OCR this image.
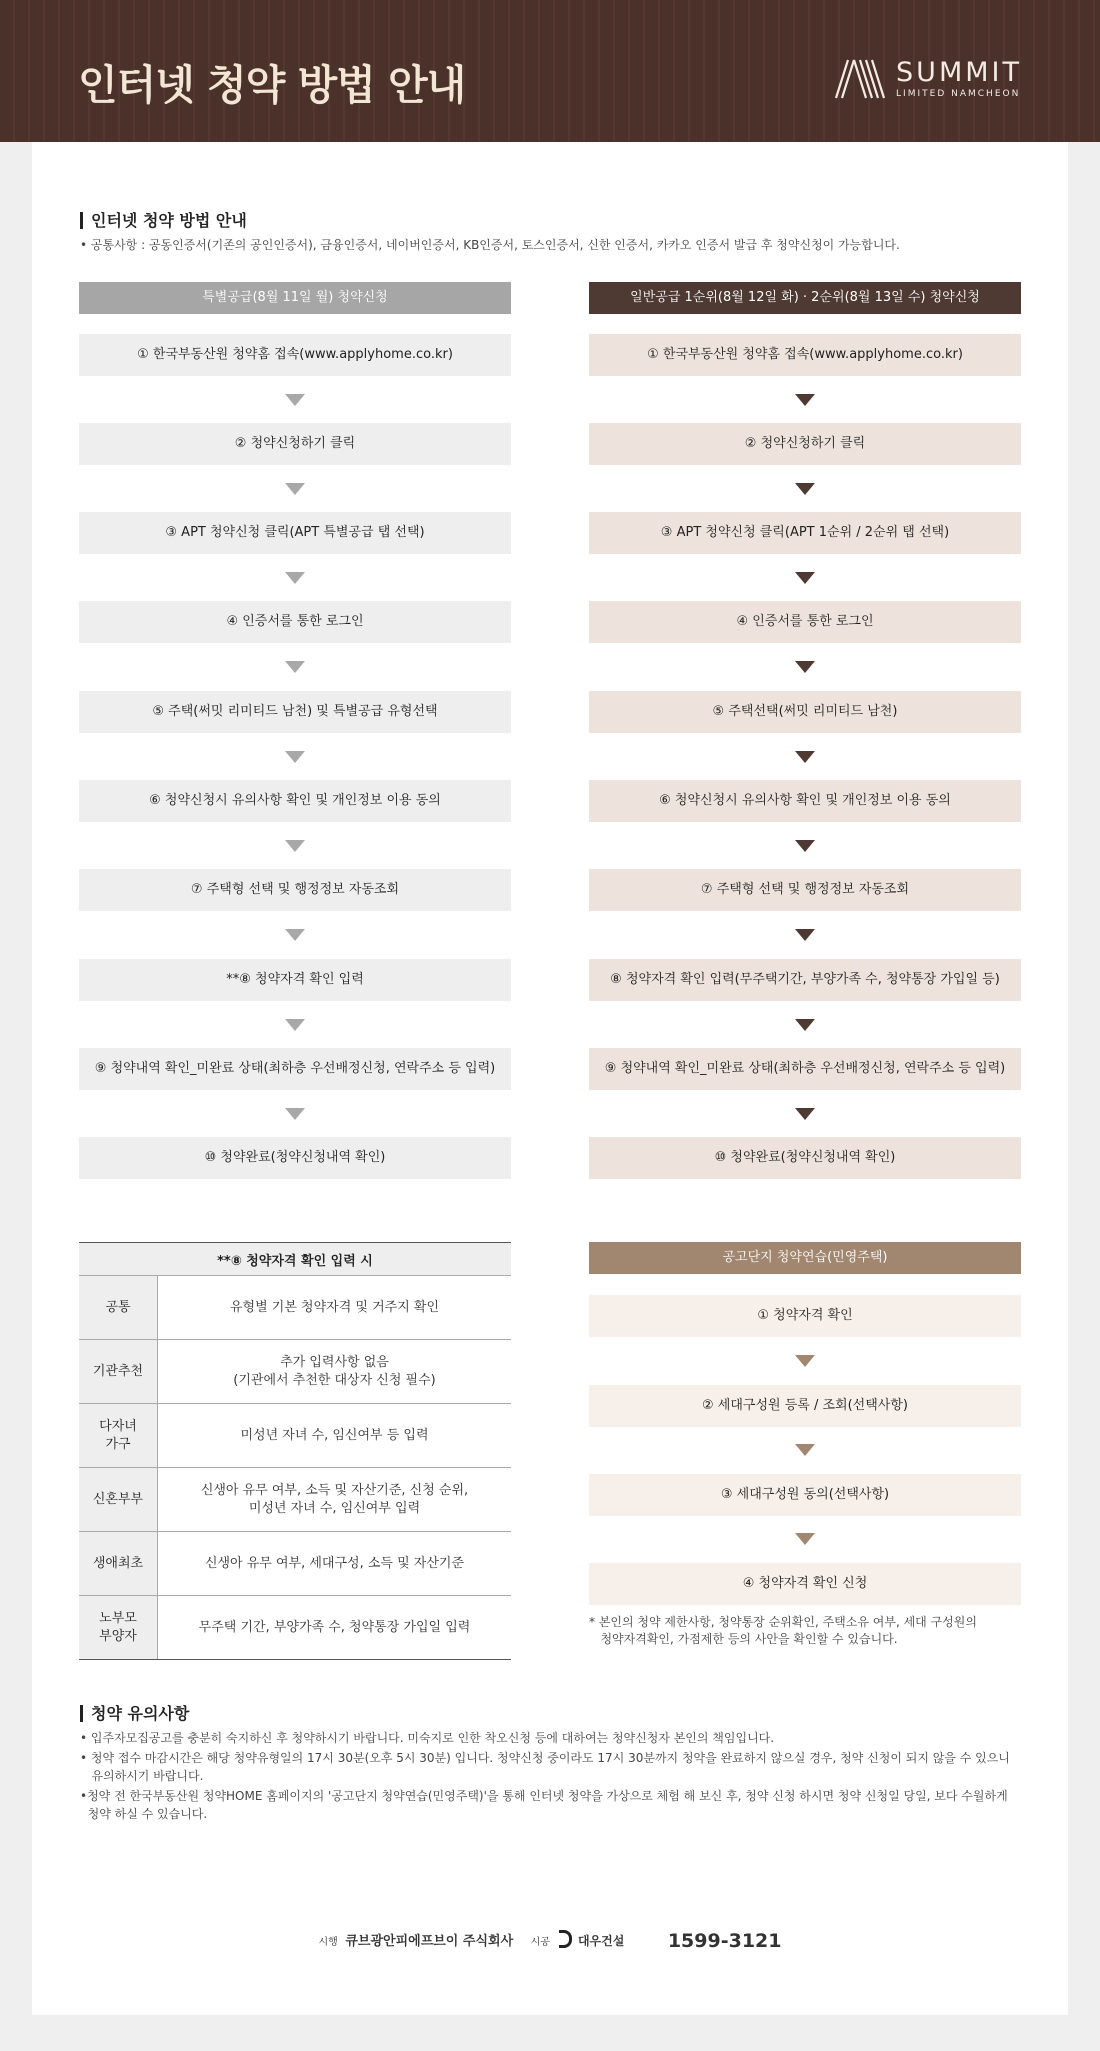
인터넷 청약 방법 안내	SUMMIT
LIMITED NAMCHEON
인터넷 청약 방법 안내
• 공통사항 : 공동인증서(기존의 공인인증서), 금융인증서, 네이버인증서, KB인증서, 토스인증서, 신한 인증서, 카카오 인증서 발급 후 청약신청이 가능합니다.
특별공급(8월 11일 월) 청약신청	일반공급 1순위(8월 12일 화) · 2순위(8월 13일 수) 청약신청
① 한국부동산원 청약홈 접속(www.applyhome.co.kr)
② 청약신청하기 클릭
③ APT 청약신청 클릭(APT 특별공급 탭 선택)
④ 인증서를 통한 로그인
⑤ 주택(써밋 리미티드 남천) 및 특별공급 유형선택
⑥ 청약신청시 유의사항 확인 및 개인정보 이용 동의
⑦ 주택형 선택 및 행정정보 자동조회
**⑧ 청약자격 확인 입력
⑨ 청약내역 확인_미완료 상태(최하층 우선배정신청, 연락주소 등 입력)
⑩ 청약완료(청약신청내역 확인)
① 한국부동산원 청약홈 접속(www.applyhome.co.kr)
② 청약신청하기 클릭
③ APT 청약신청 클릭(APT 1순위 / 2순위 탭 선택)
④ 인증서를 통한 로그인
⑤ 주택선택(써밋 리미티드 남천)
⑥ 청약신청시 유의사항 확인 및 개인정보 이용 동의
⑦ 주택형 선택 및 행정정보 자동조회
⑧ 청약자격 확인 입력(무주택기간, 부양가족 수, 청약통장 가입일 등)
⑨ 청약내역 확인_미완료 상태(최하층 우선배정신청, 연락주소 등 입력)
⑩ 청약완료(청약신청내역 확인)
**⑧ 청약자격 확인 입력 시	
공통	유형별 기본 청약자격 및 거주지 확인
기관추천	추가 입력사항 없음
(기관에서 추천한 대상자 신청 필수)
다자녀
가구	미성년 자녀 수, 임신여부 등 입력
신혼부부	신생아 유무 여부, 소득 및 자산기준, 신청 순위,
미성년 자녀 수, 임신여부 입력
생애최초	신생아 유무 여부, 세대구성, 소득 및 자산기준
노부모
부양자	무주택 기간, 부양가족 수, 청약통장 가입일 입력
공고단지 청약연습(민영주택)
① 청약자격 확인
② 세대구성원 등록 / 조회(선택사항)
③ 세대구성원 동의(선택사항)
④ 청약자격 확인 신청
* 본인의 청약 제한사항, 청약통장 순위확인, 주택소유 여부, 세대 구성원의
청약자격확인, 가점제한 등의 사안을 확인할 수 있습니다.
청약 유의사항
• 입주자모집공고를 충분히 숙지하신 후 청약하시기 바랍니다. 미숙지로 인한 착오신청 등에 대하여는 청약신청자 본인의 책임입니다.
• 청약 접수 마감시간은 해당 청약유형일의 17시 30분(오후 5시 30분) 입니다. 청약신청 중이라도 17시 30분까지 청약을 완료하지 않으실 경우, 청약 신청이 되지 않을 수 있으니
유의하시기 바랍니다.
•청약 전 한국부동산원 청약HOME 홈페이지의 '공고단지 청약연습(민영주택)'을 통해 인터넷 청약을 가상으로 체험 해 보신 후, 청약 신청 하시면 청약 신청일 당일, 보다 수월하게
청약 하실 수 있습니다.
시행 큐브광안피에프브이 주식회사 시공 대우건설 1599-3121
